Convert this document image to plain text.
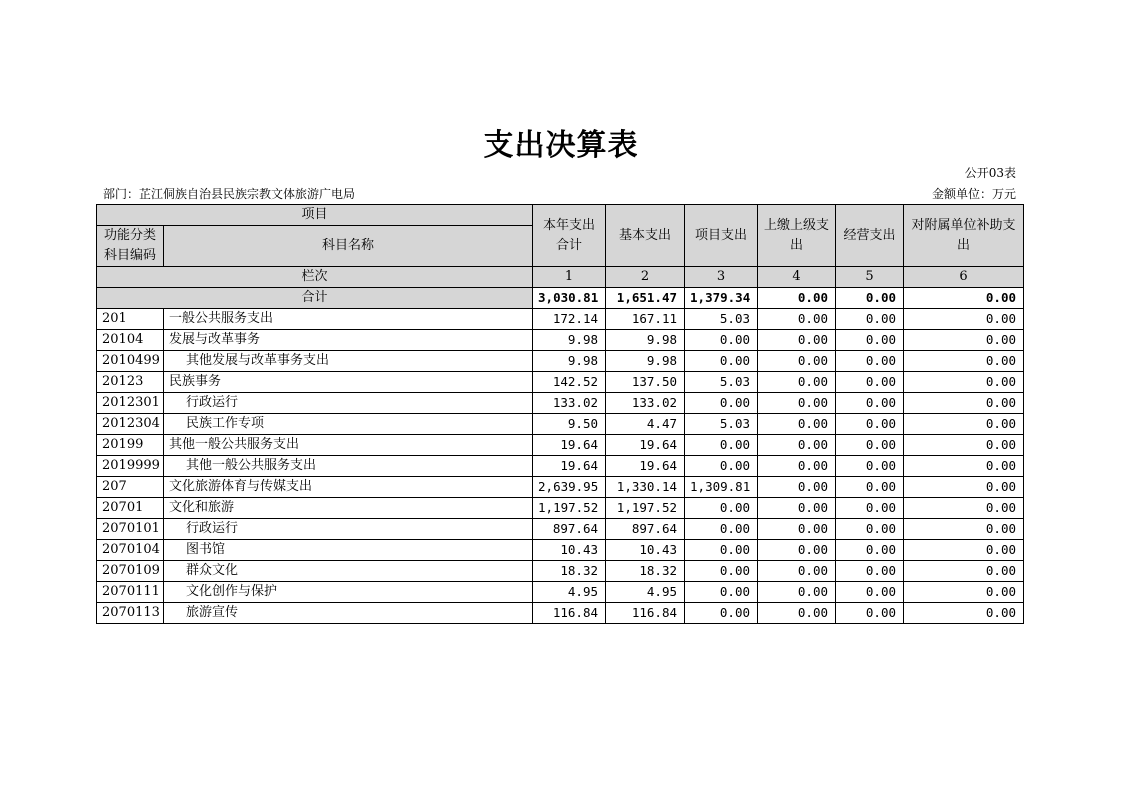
支出决算表
公开03表
部门：芷江侗族自治县民族宗教文体旅游广电局	金额单位：万元
项目		本年支出合计	基本支出	项目支出	上缴上级支出	经营支出	对附属单位补助支出
功能分类科目编码	科目名称						

栏次		1	2	3	4	5	6
合计		3,030.81	1,651.47	1,379.34	0.00	0.00	0.00
201	一般公共服务支出	172.14	167.11	5.03	0.00	0.00	0.00
20104	发展与改革事务	9.98	9.98	0.00	0.00	0.00	0.00
2010499	其他发展与改革事务支出	9.98	9.98	0.00	0.00	0.00	0.00
20123	民族事务	142.52	137.50	5.03	0.00	0.00	0.00
2012301	行政运行	133.02	133.02	0.00	0.00	0.00	0.00
2012304	民族工作专项	9.50	4.47	5.03	0.00	0.00	0.00
20199	其他一般公共服务支出	19.64	19.64	0.00	0.00	0.00	0.00
2019999	其他一般公共服务支出	19.64	19.64	0.00	0.00	0.00	0.00
207	文化旅游体育与传媒支出	2,639.95	1,330.14	1,309.81	0.00	0.00	0.00
20701	文化和旅游	1,197.52	1,197.52	0.00	0.00	0.00	0.00
2070101	行政运行	897.64	897.64	0.00	0.00	0.00	0.00
2070104	图书馆	10.43	10.43	0.00	0.00	0.00	0.00
2070109	群众文化	18.32	18.32	0.00	0.00	0.00	0.00
2070111	文化创作与保护	4.95	4.95	0.00	0.00	0.00	0.00
2070113	旅游宣传	116.84	116.84	0.00	0.00	0.00	0.00
